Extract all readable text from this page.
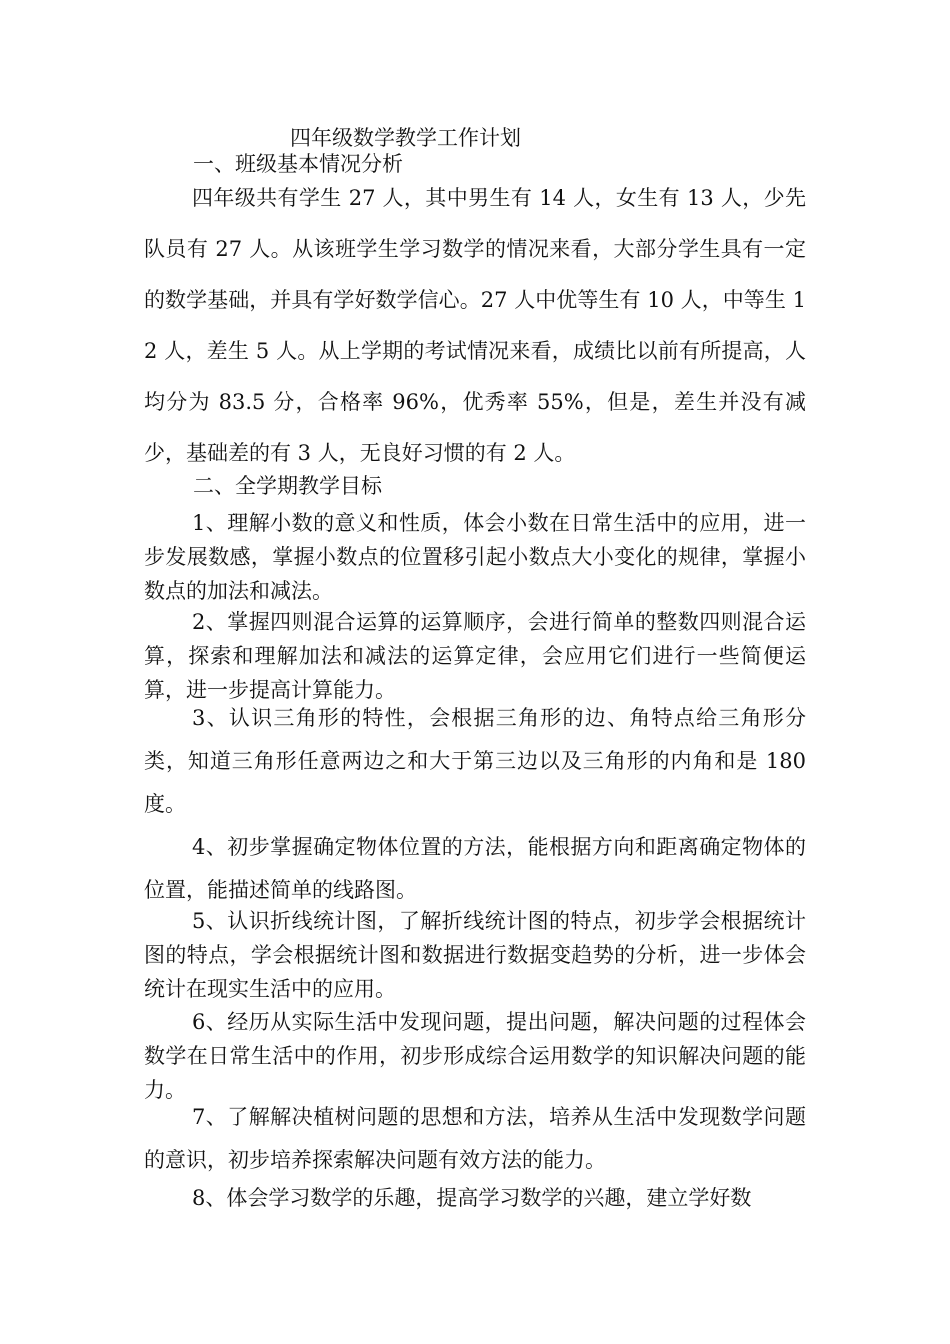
四年级数学教学工作计划
一、班级基本情况分析

四年级共有学生 27 人，其中男生有 14 人，女生有 13 人，少先队员有 27 人。从该班学生学习数学的情况来看，大部分学生具有一定的数学基础，并具有学好数学信心。27 人中优等生有 10 人，中等生 12 人，差生 5 人。从上学期的考试情况来看，成绩比以前有所提高，人均分为 83.5 分，合格率 96%，优秀率 55%，但是，差生并没有减少，基础差的有 3 人，无良好习惯的有 2 人。

二、全学期教学目标

1、理解小数的意义和性质，体会小数在日常生活中的应用，进一步发展数感，掌握小数点的位置移引起小数点大小变化的规律，掌握小数点的加法和减法。

2、掌握四则混合运算的运算顺序，会进行简单的整数四则混合运算，探索和理解加法和减法的运算定律，会应用它们进行一些简便运算，进一步提高计算能力。

3、认识三角形的特性，会根据三角形的边、角特点给三角形分类，知道三角形任意两边之和大于第三边以及三角形的内角和是 180 度。

4、初步掌握确定物体位置的方法，能根据方向和距离确定物体的位置，能描述简单的线路图。

5、认识折线统计图，了解折线统计图的特点，初步学会根据统计图的特点，学会根据统计图和数据进行数据变趋势的分析，进一步体会统计在现实生活中的应用。

6、经历从实际生活中发现问题，提出问题，解决问题的过程体会数学在日常生活中的作用，初步形成综合运用数学的知识解决问题的能力。

7、了解解决植树问题的思想和方法，培养从生活中发现数学问题的意识，初步培养探索解决问题有效方法的能力。

8、体会学习数学的乐趣，提高学习数学的兴趣，建立学好数
